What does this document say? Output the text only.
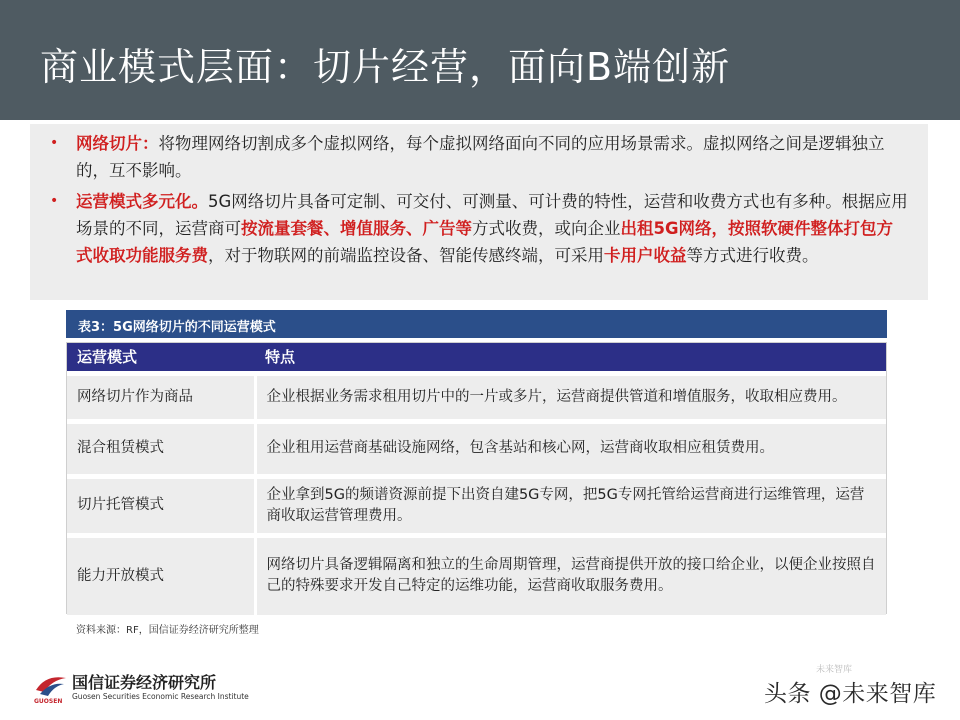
商业模式层面：切片经营，面向B端创新
• 网络切片：将物理网络切割成多个虚拟网络，每个虚拟网络面向不同的应用场景需求。虚拟网络之间是逻辑独立的，互不影响。
• 运营模式多元化。5G网络切片具备可定制、可交付、可测量、可计费的特性，运营和收费方式也有多种。根据应用场景的不同，运营商可按流量套餐、增值服务、广告等方式收费，或向企业出租5G网络，按照软硬件整体打包方式收取功能服务费，对于物联网的前端监控设备、智能传感终端，可采用卡用户收益等方式进行收费。
表3：5G网络切片的不同运营模式
运营模式	特点
网络切片作为商品	企业根据业务需求租用切片中的一片或多片，运营商提供管道和增值服务，收取相应费用。
混合租赁模式	企业租用运营商基础设施网络，包含基站和核心网，运营商收取相应租赁费用。
切片托管模式	企业拿到5G的频谱资源前提下出资自建5G专网，把5G专网托管给运营商进行运维管理，运营商收取运营管理费用。
能力开放模式	网络切片具备逻辑隔离和独立的生命周期管理，运营商提供开放的接口给企业，以便企业按照自己的特殊要求开发自己特定的运维功能，运营商收取服务费用。
资料来源：RF，国信证券经济研究所整理
国信证券经济研究所
Guosen Securities Economic Research Institute
GUOSEN
未来智库
头条 @未来智库
